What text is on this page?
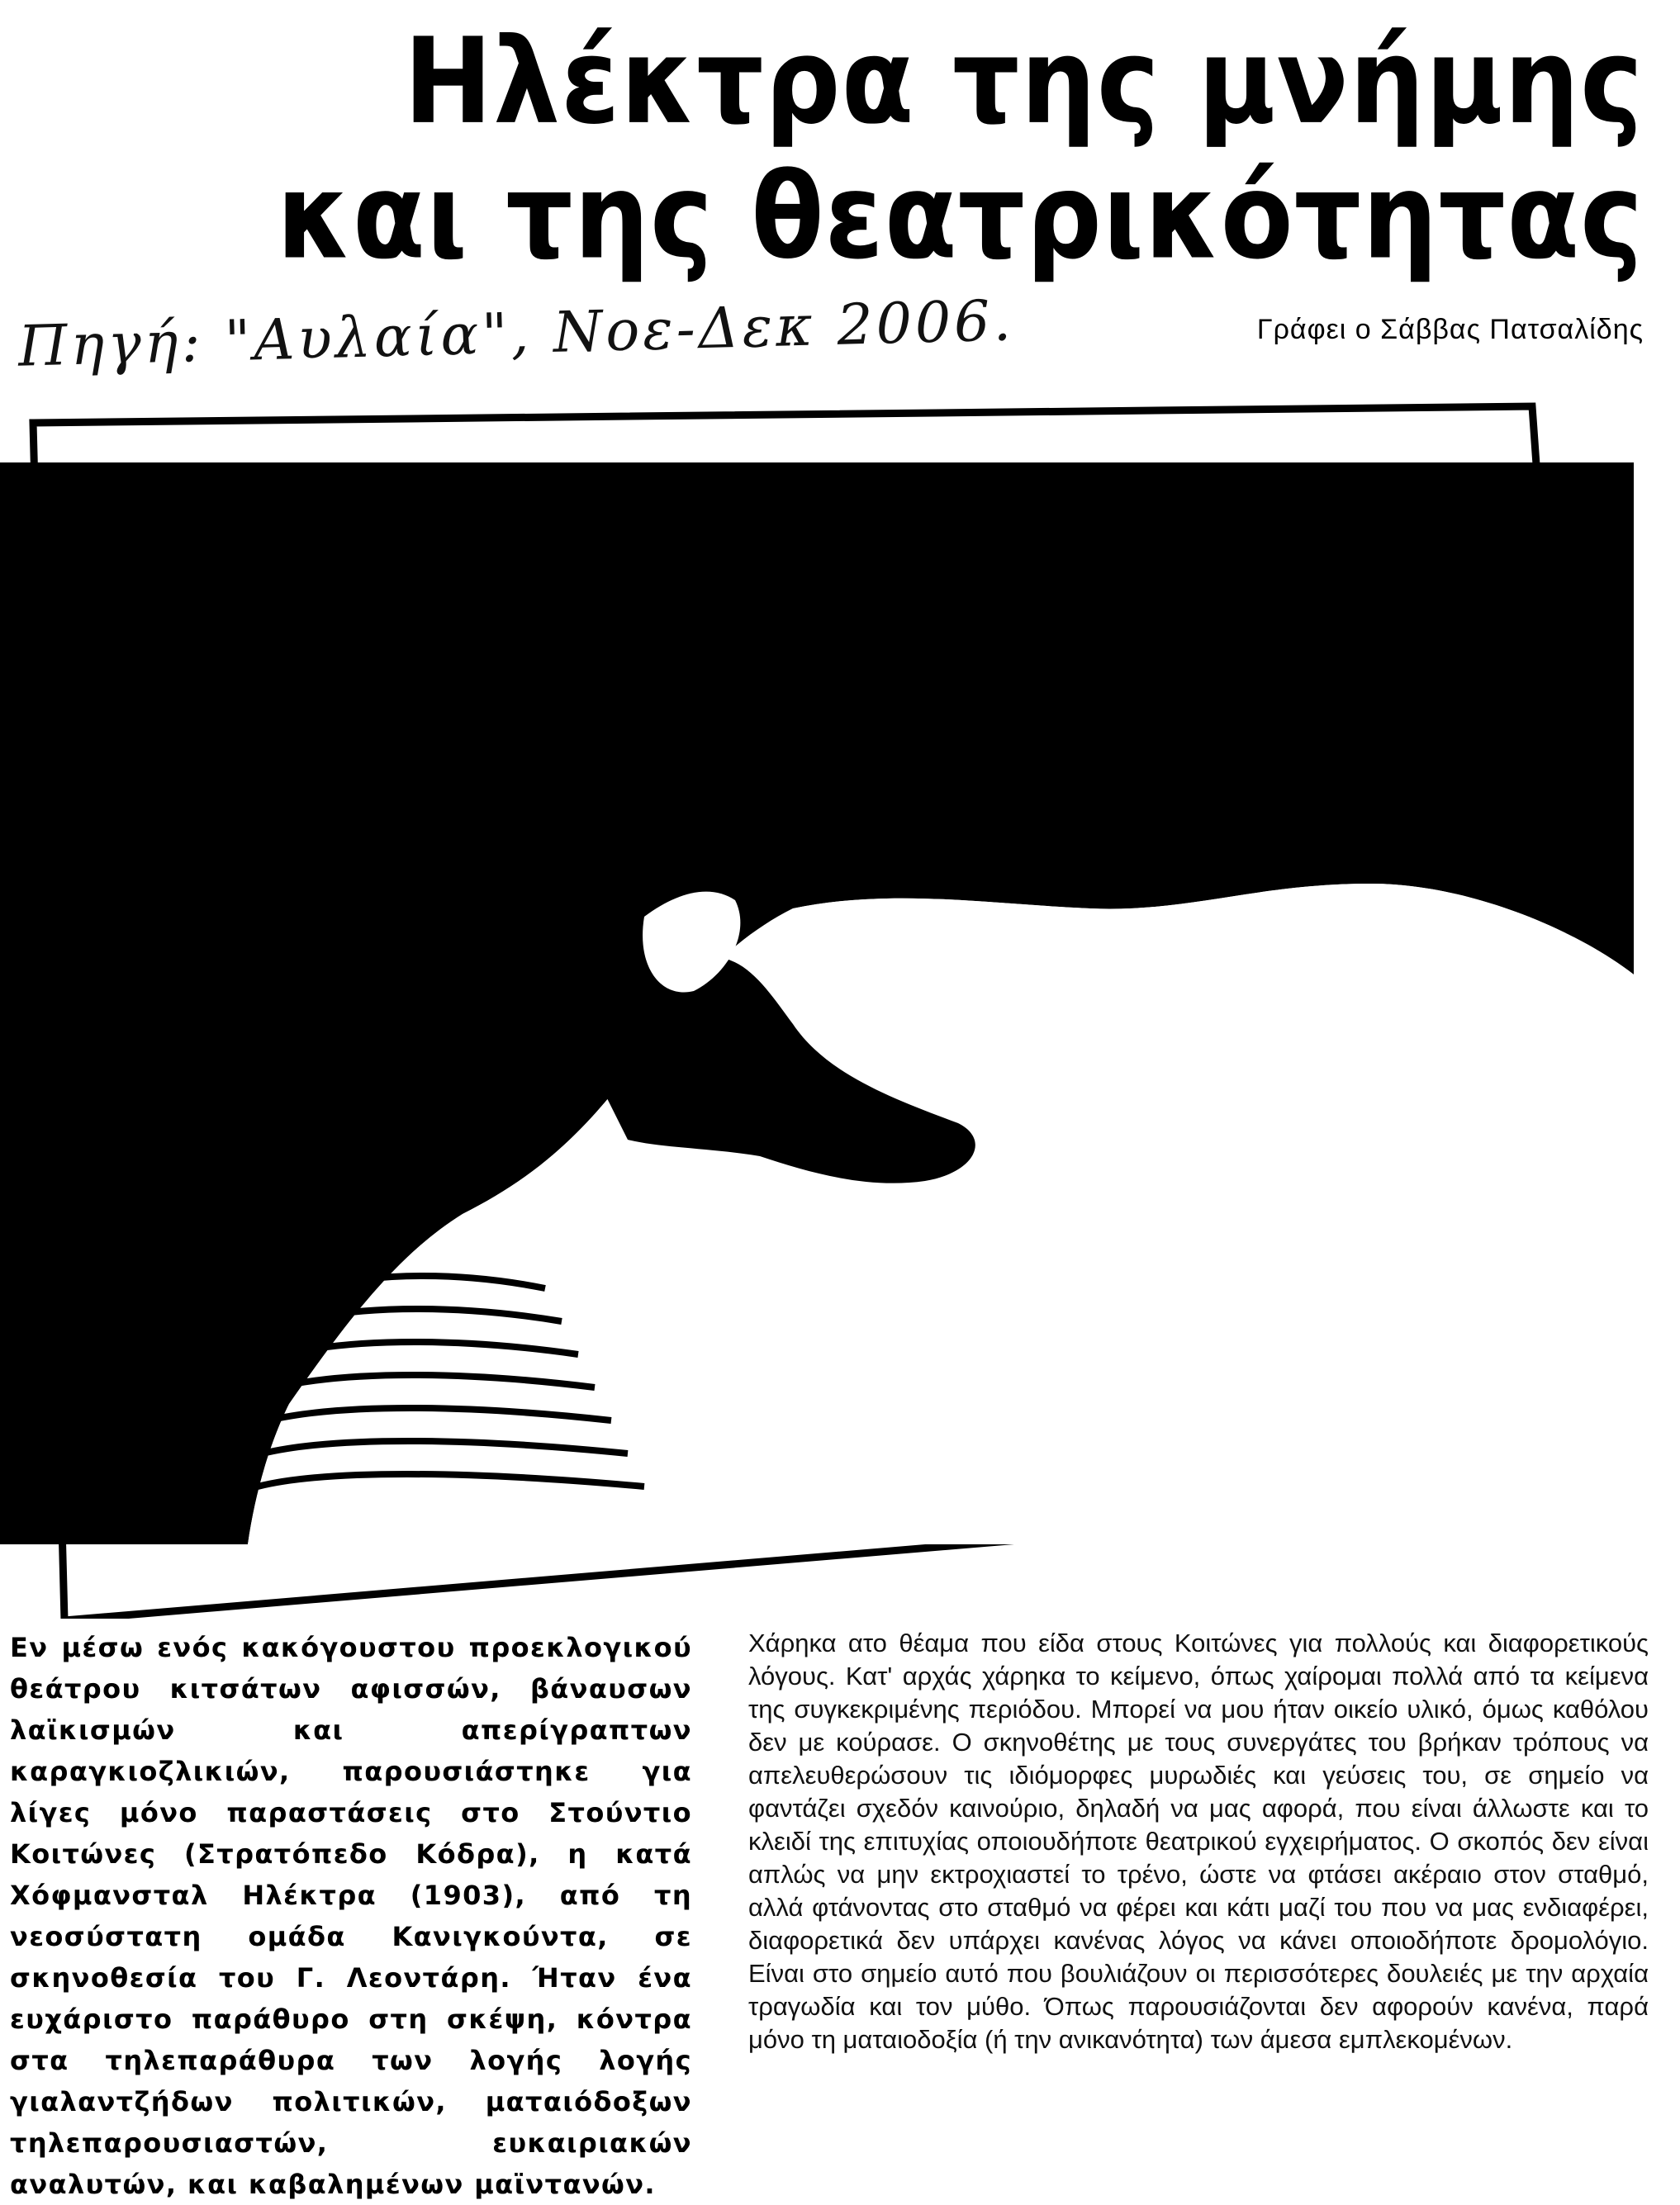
Ηλέκτρα της μνήμης
και της θεατρικότητας
Πηγή: "Αυλαία", Νοε-Δεκ 2006.	Γράφει ο Σάββας Πατσαλίδης

Εν μέσω ενός κακόγουστου προεκλογικού θεάτρου κιτσάτων αφισσών, βάναυσων λαϊκισμών και απερίγραπτων καραγκιοζλικιών, παρουσιάστηκε για λίγες μόνο παραστάσεις στο Στούντιο Κοιτώνες (Στρατόπεδο Κόδρα), η κατά Χόφμανσταλ Ηλέκτρα (1903), από τη νεοσύστατη ομάδα Κανιγκούντα, σε σκηνοθεσία του Γ. Λεοντάρη. Ήταν ένα ευχάριστο παράθυρο στη σκέψη, κόντρα στα τηλεπαράθυρα των λογής λογής γιαλαντζήδων πολιτικών, ματαιόδοξων τηλεπαρουσιαστών, ευκαιριακών αναλυτών, και καβαλημένων μαϊντανών.

Χάρηκα ατο θέαμα που είδα στους Κοιτώνες για πολλούς και διαφορετικούς λόγους. Κατ' αρχάς χάρηκα το κείμενο, όπως χαίρομαι πολλά από τα κείμενα της συγκεκριμένης περιόδου. Μπορεί να μου ήταν οικείο υλικό, όμως καθόλου δεν με κούρασε. Ο σκηνοθέτης με τους συνεργάτες του βρήκαν τρόπους να απελευθερώσουν τις ιδιόμορφες μυρωδιές και γεύσεις του, σε σημείο να φαντάζει σχεδόν καινούριο, δηλαδή να μας αφορά, που είναι άλλωστε και το κλειδί της επιτυχίας οποιουδήποτε θεατρικού εγχειρήματος. Ο σκοπός δεν είναι απλώς να μην εκτροχιαστεί το τρένο, ώστε να φτάσει ακέραιο στον σταθμό, αλλά φτάνοντας στο σταθμό να φέρει και κάτι μαζί του που να μας ενδιαφέρει, διαφορετικά δεν υπάρχει κανένας λόγος να κάνει οποιοδήποτε δρομολόγιο. Είναι στο σημείο αυτό που βουλιάζουν οι περισσότερες δουλειές με την αρχαία τραγωδία και τον μύθο. Όπως παρουσιάζονται δεν αφορούν κανένα, παρά μόνο τη ματαιοδοξία (ή την ανικανότητα) των άμεσα εμπλεκομένων.
